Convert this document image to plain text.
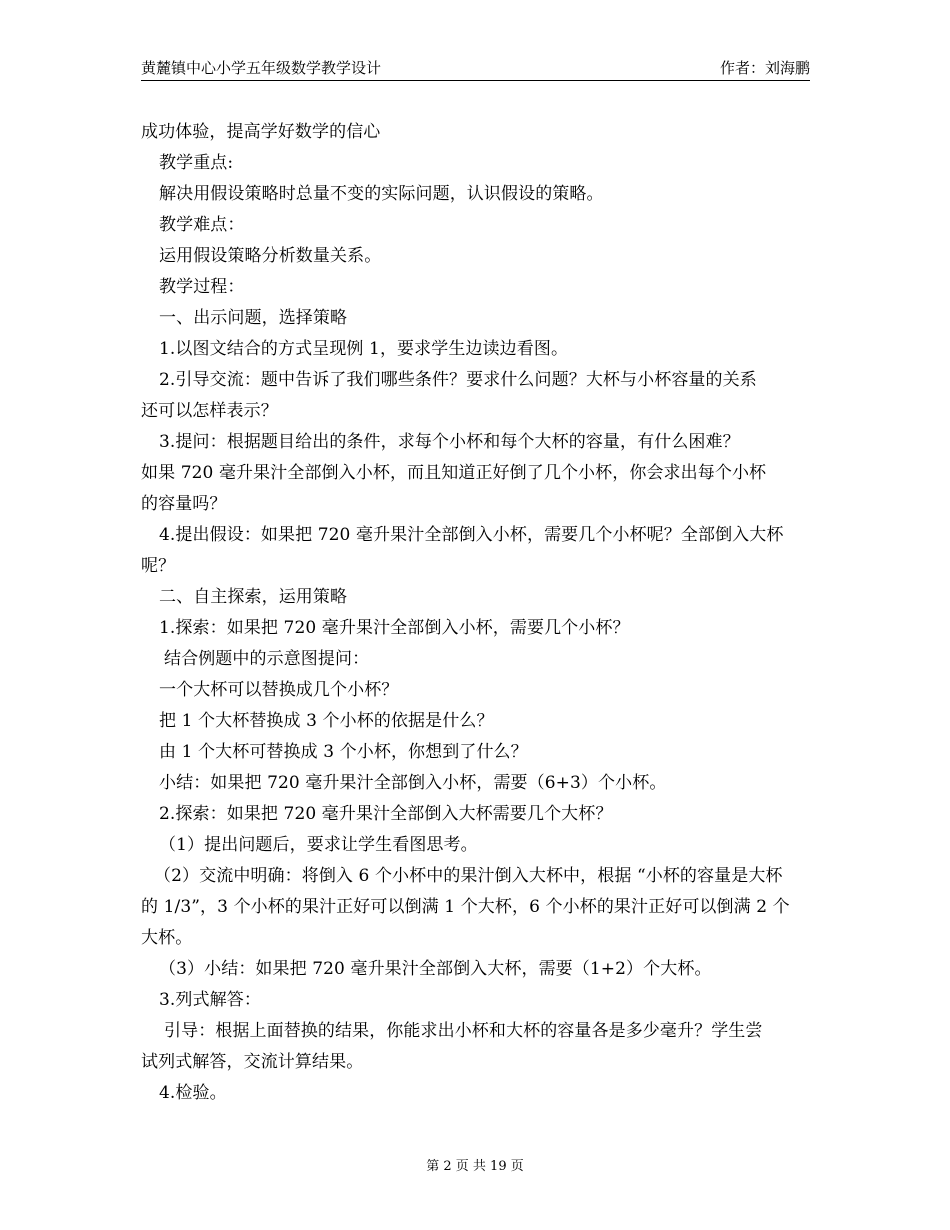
黄麓镇中心小学五年级数学教学设计	作者：刘海鹏

成功体验，提高学好数学的信心

教学重点:

解决用假设策略时总量不变的实际问题，认识假设的策略。

教学难点：

运用假设策略分析数量关系。

教学过程：

一、出示问题，选择策略

1.以图文结合的方式呈现例 1，要求学生边读边看图。

2.引导交流：题中告诉了我们哪些条件？要求什么问题？大杯与小杯容量的关系

还可以怎样表示？

3.提问：根据题目给出的条件，求每个小杯和每个大杯的容量，有什么困难？

如果 720 毫升果汁全部倒入小杯，而且知道正好倒了几个小杯，你会求出每个小杯

的容量吗？

4.提出假设：如果把 720 毫升果汁全部倒入小杯，需要几个小杯呢？全部倒入大杯

呢？

二、自主探索，运用策略

1.探索：如果把 720 毫升果汁全部倒入小杯，需要几个小杯？

结合例题中的示意图提问：

一个大杯可以替换成几个小杯？

把 1 个大杯替换成 3 个小杯的依据是什么？

由 1 个大杯可替换成 3 个小杯，你想到了什么？

小结：如果把 720 毫升果汁全部倒入小杯，需要（6+3）个小杯。

2.探索：如果把 720 毫升果汁全部倒入大杯需要几个大杯？

（1）提出问题后，要求让学生看图思考。

（2）交流中明确：将倒入 6 个小杯中的果汁倒入大杯中，根据 “小杯的容量是大杯

的 1/3”，3 个小杯的果汁正好可以倒满 1 个大杯，6 个小杯的果汁正好可以倒满 2 个

大杯。

（3）小结：如果把 720 毫升果汁全部倒入大杯，需要（1+2）个大杯。

3.列式解答：

引导：根据上面替换的结果，你能求出小杯和大杯的容量各是多少毫升？学生尝

试列式解答，交流计算结果。

4.检验。

第 2 页 共 19 页
